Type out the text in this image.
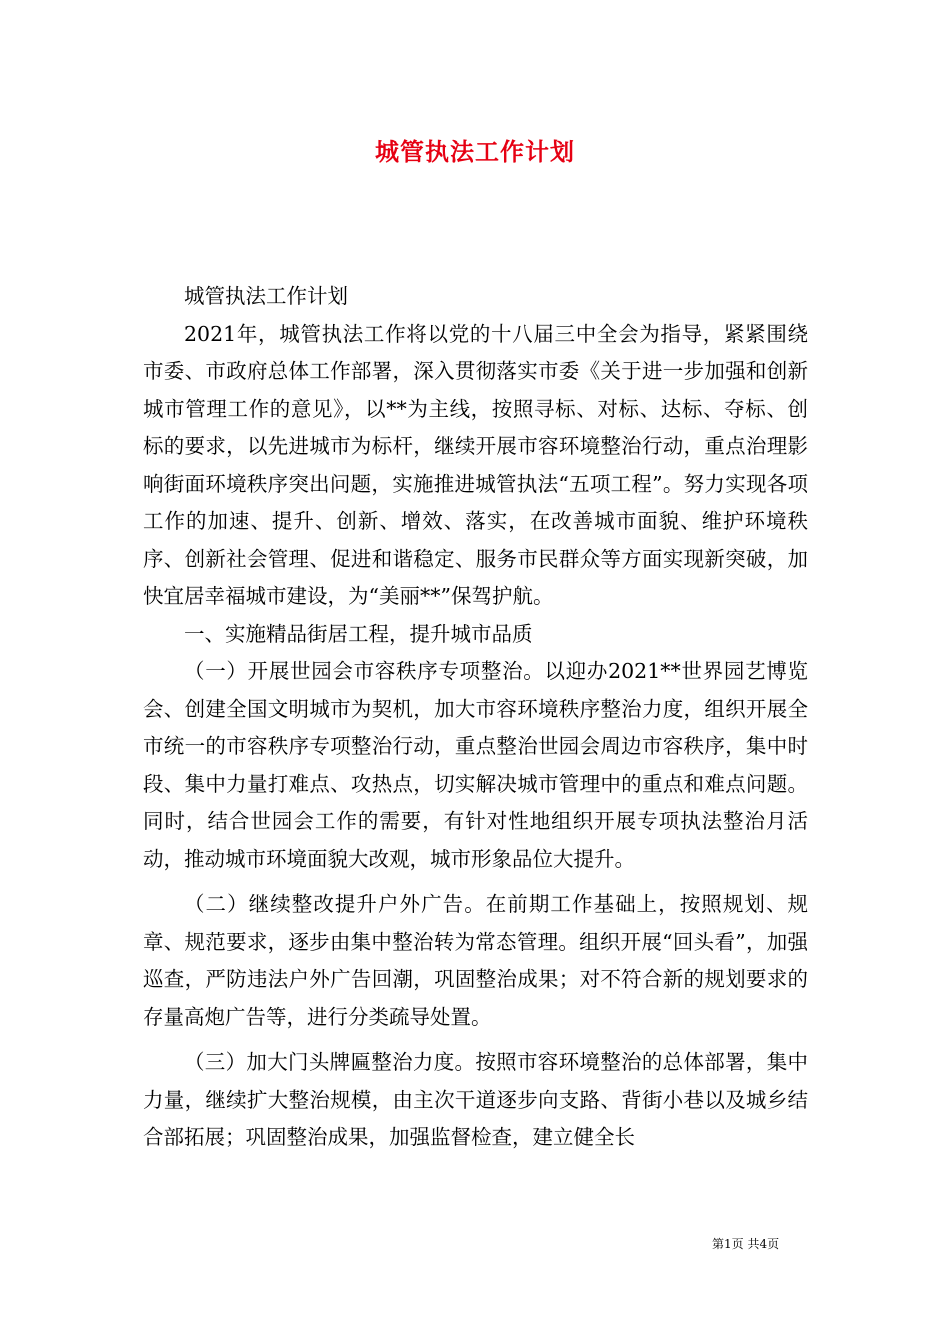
城管执法工作计划

城管执法工作计划

2021年，城管执法工作将以党的十八届三中全会为指导，紧紧围绕市委、市政府总体工作部署，深入贯彻落实市委《关于进一步加强和创新城市管理工作的意见》，以**为主线，按照寻标、对标、达标、夺标、创标的要求，以先进城市为标杆，继续开展市容环境整治行动，重点治理影响街面环境秩序突出问题，实施推进城管执法“五项工程”。努力实现各项工作的加速、提升、创新、增效、落实，在改善城市面貌、维护环境秩序、创新社会管理、促进和谐稳定、服务市民群众等方面实现新突破，加快宜居幸福城市建设，为“美丽**”保驾护航。

一、实施精品街居工程，提升城市品质

（一）开展世园会市容秩序专项整治。以迎办2021**世界园艺博览会、创建全国文明城市为契机，加大市容环境秩序整治力度，组织开展全市统一的市容秩序专项整治行动，重点整治世园会周边市容秩序，集中时段、集中力量打难点、攻热点，切实解决城市管理中的重点和难点问题。同时，结合世园会工作的需要，有针对性地组织开展专项执法整治月活动，推动城市环境面貌大改观，城市形象品位大提升。

（二）继续整改提升户外广告。在前期工作基础上，按照规划、规章、规范要求，逐步由集中整治转为常态管理。组织开展“回头看”，加强巡查，严防违法户外广告回潮，巩固整治成果；对不符合新的规划要求的存量高炮广告等，进行分类疏导处置。

（三）加大门头牌匾整治力度。按照市容环境整治的总体部署，集中力量，继续扩大整治规模，由主次干道逐步向支路、背街小巷以及城乡结合部拓展；巩固整治成果，加强监督检查，建立健全长

第1页 共4页
